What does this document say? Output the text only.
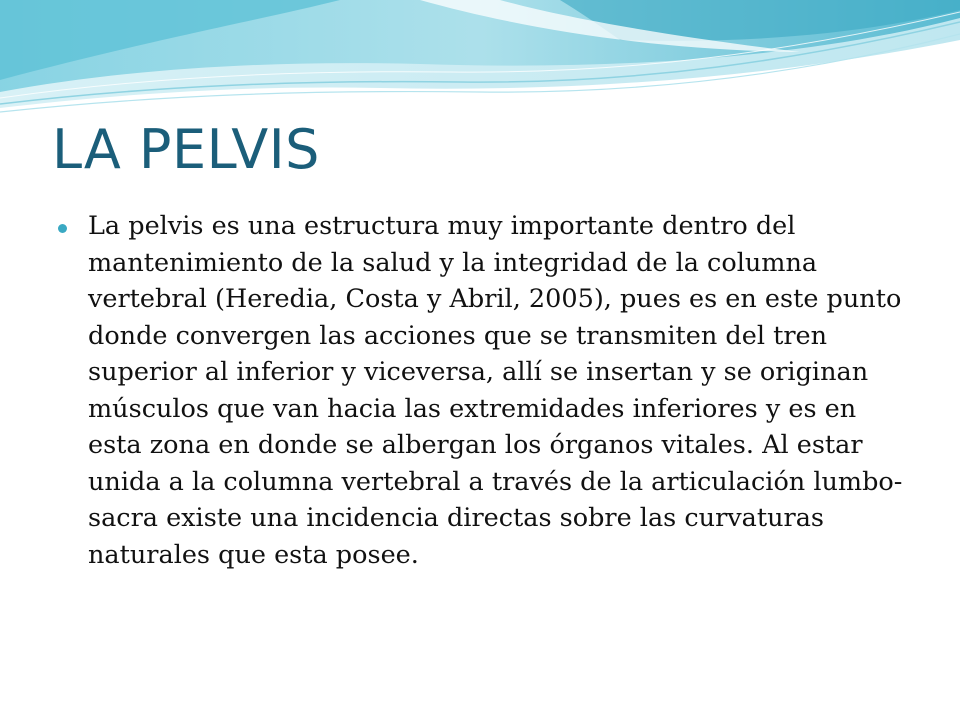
LA PELVIS
La pelvis es una estructura muy importante dentro del mantenimiento de la salud y la integridad de la columna vertebral (Heredia, Costa y Abril, 2005), pues es en este punto donde convergen las acciones que se transmiten del tren superior al inferior y viceversa, allí se insertan y se originan músculos que van hacia las extremidades inferiores y es en esta zona en donde se albergan los órganos vitales. Al estar unida a la columna vertebral a través de la articulación lumbo-sacra existe una incidencia directas sobre las curvaturas naturales que esta posee.
